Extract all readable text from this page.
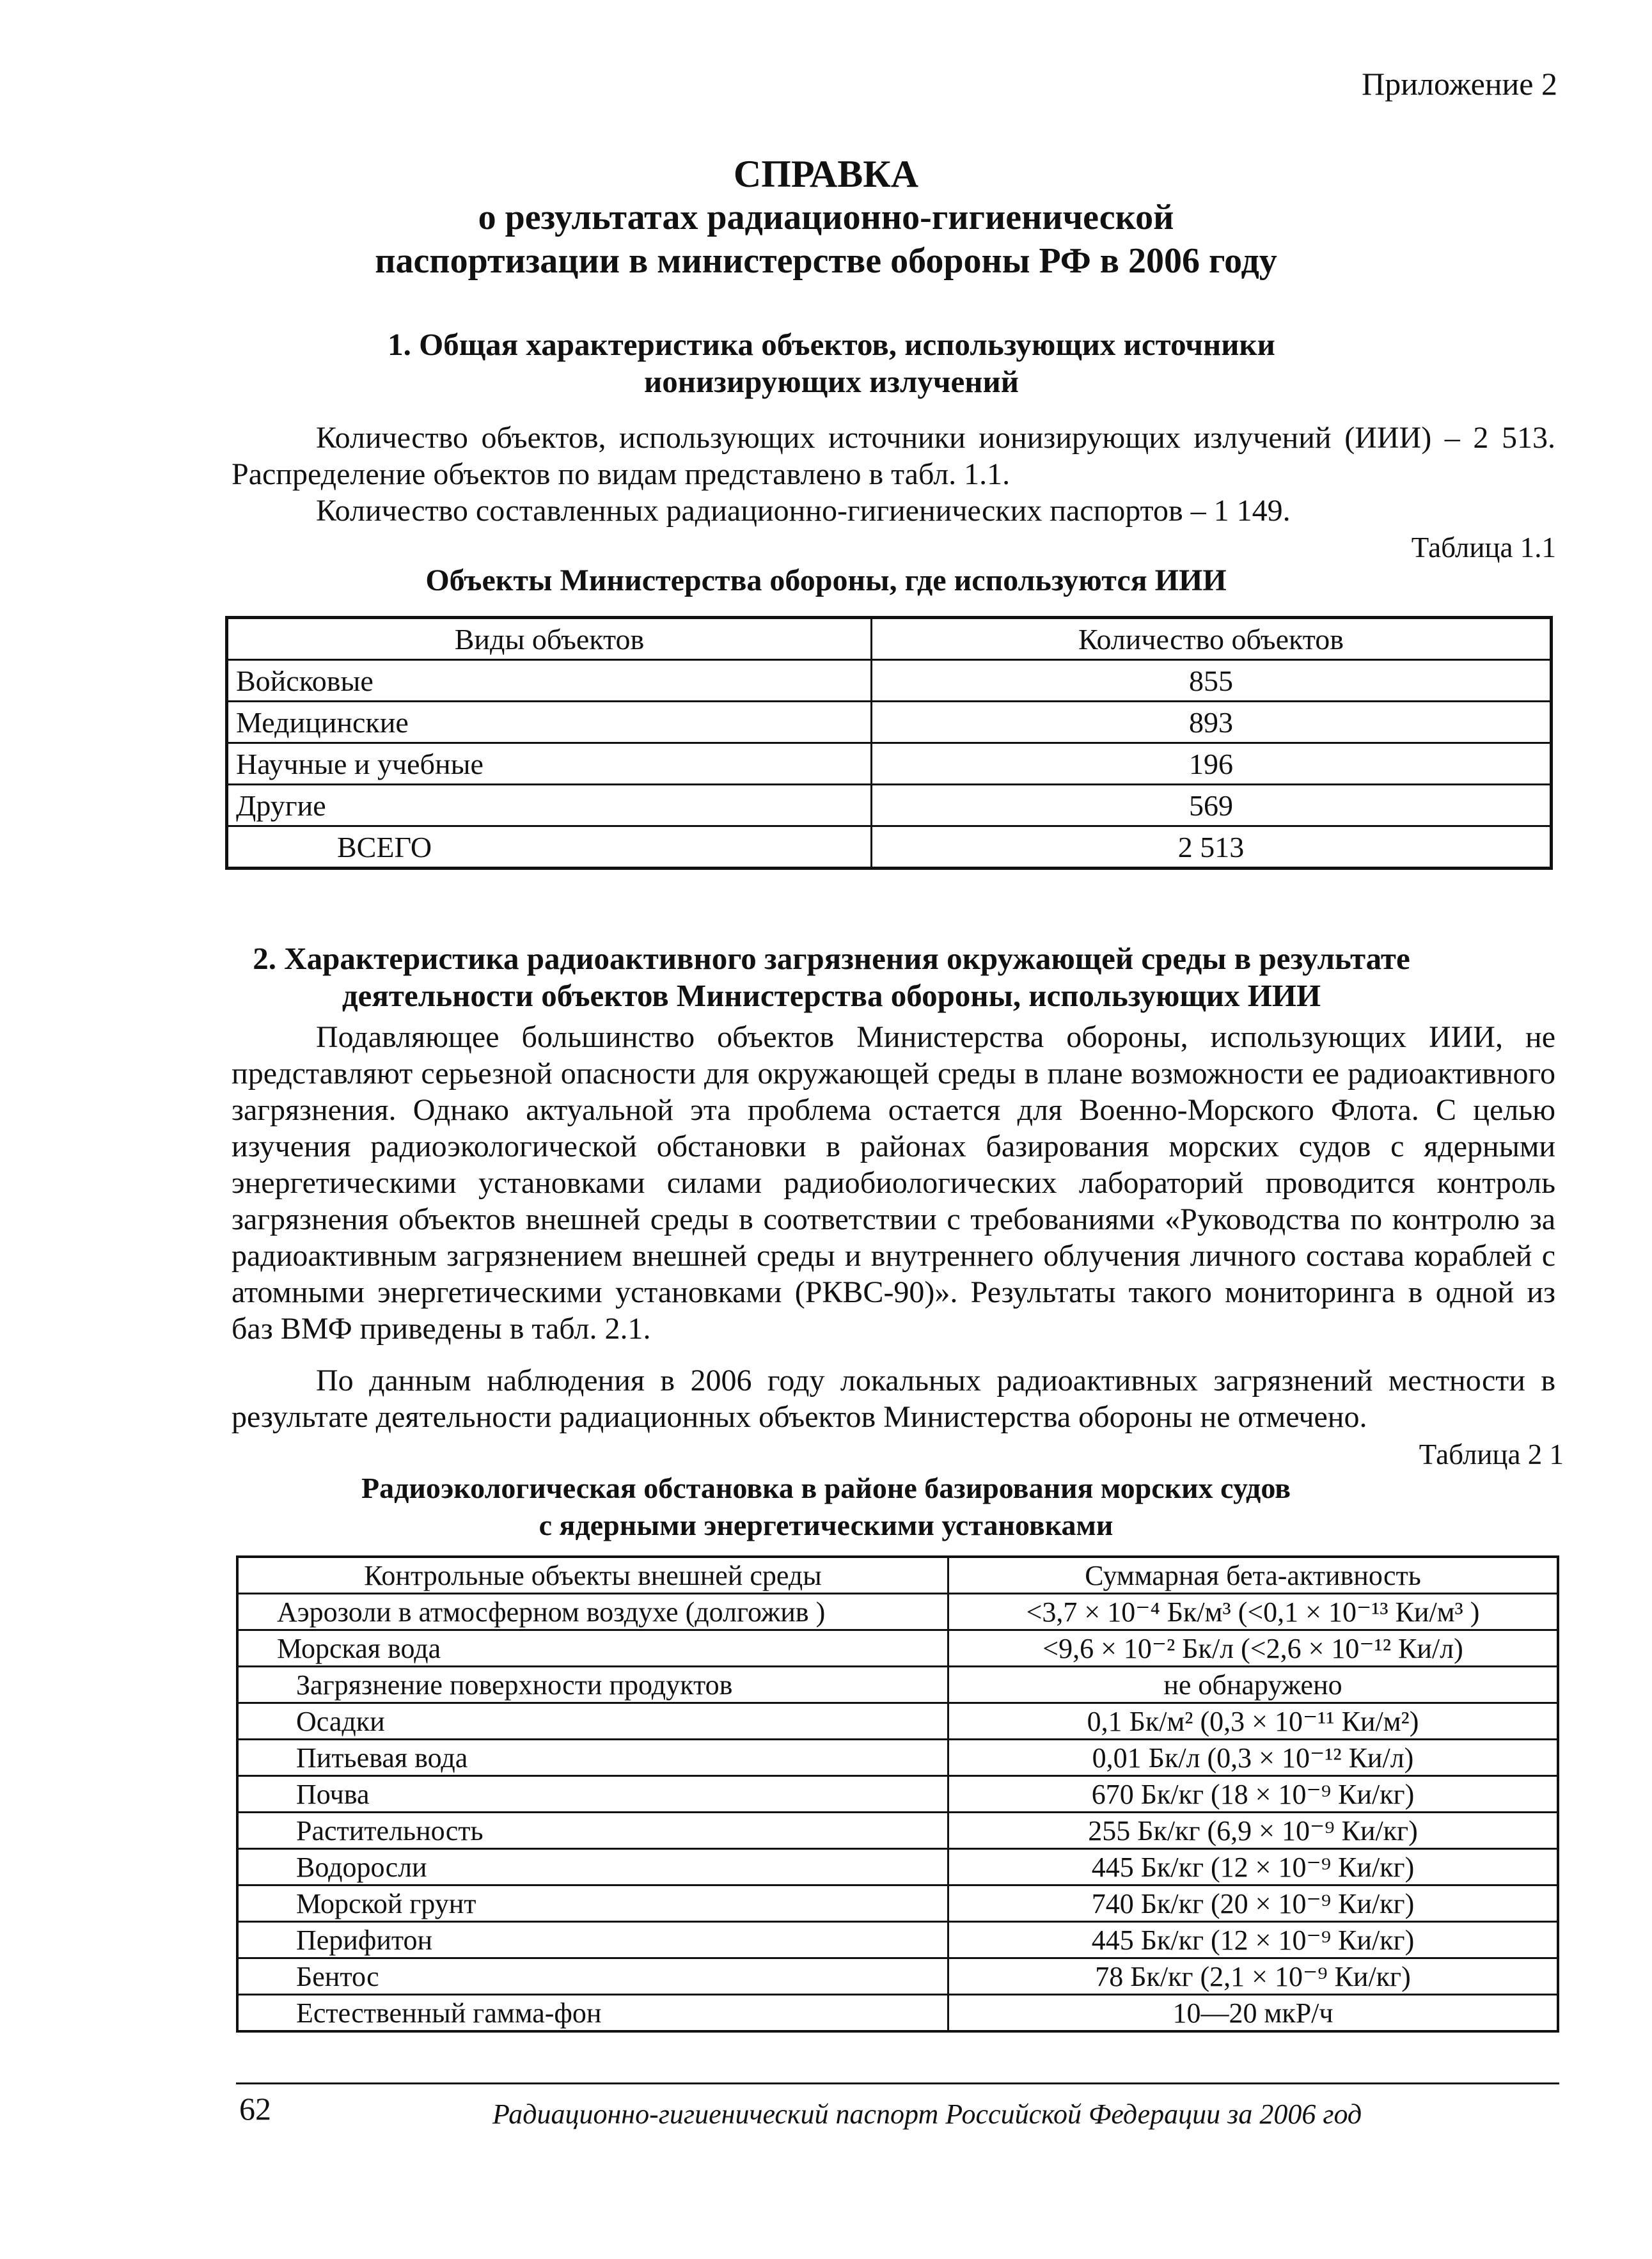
Приложение 2
СПРАВКА
о результатах радиационно-гигиенической
паспортизации в министерстве обороны РФ в 2006 году
1. Общая характеристика объектов, использующих источники
ионизирующих излучений
Количество объектов, использующих источники ионизирующих излучений (ИИИ) – 2 513. Распределение объектов по видам представлено в табл. 1.1.
Количество составленных радиационно-гигиенических паспортов – 1 149.
Таблица 1.1
Объекты Министерства обороны, где используются ИИИ
Виды объектов	Количество объектов
Войсковые	855
Медицинские	893
Научные и учебные	196
Другие	569
ВСЕГО	2 513
2. Характеристика радиоактивного загрязнения окружающей среды в результате
деятельности объектов Министерства обороны, использующих ИИИ
Подавляющее большинство объектов Министерства обороны, использующих ИИИ, не представляют серьезной опасности для окружающей среды в плане возможности ее радиоактивного загрязнения. Однако актуальной эта проблема остается для Военно-Морского Флота. С целью изучения радиоэкологической обстановки в районах базирования морских судов с ядерными энергетическими установками силами радиобиологических лабораторий проводится контроль загрязнения объектов внешней среды в соответствии с требованиями «Руководства по контролю за радиоактивным загрязнением внешней среды и внутреннего облучения личного состава кораблей с атомными энергетическими установками (РКВС-90)». Результаты такого мониторинга в одной из баз ВМФ приведены в табл. 2.1.
По данным наблюдения в 2006 году локальных радиоактивных загрязнений местности в результате деятельности радиационных объектов Министерства обороны не отмечено.
Таблица 2 1
Радиоэкологическая обстановка в районе базирования морских судов
с ядерными энергетическими установками
Контрольные объекты внешней среды	Суммарная бета-активность
Аэрозоли в атмосферном воздухе (долгожив )	<3,7 × 10⁻⁴ Бк/м³ (<0,1 × 10⁻¹³ Ки/м³ )
Морская вода	<9,6 × 10⁻² Бк/л (<2,6 × 10⁻¹² Ки/л)
Загрязнение поверхности продуктов	не обнаружено
Осадки	0,1 Бк/м² (0,3 × 10⁻¹¹ Ки/м²)
Питьевая вода	0,01 Бк/л (0,3 × 10⁻¹² Ки/л)
Почва	670 Бк/кг (18 × 10⁻⁹ Ки/кг)
Растительность	255 Бк/кг (6,9 × 10⁻⁹ Ки/кг)
Водоросли	445 Бк/кг (12 × 10⁻⁹ Ки/кг)
Морской грунт	740 Бк/кг (20 × 10⁻⁹ Ки/кг)
Перифитон	445 Бк/кг (12 × 10⁻⁹ Ки/кг)
Бентос	78 Бк/кг (2,1 × 10⁻⁹ Ки/кг)
Естественный гамма-фон	10—20 мкР/ч
62	Радиационно-гигиенический паспорт Российской Федерации за 2006 год
